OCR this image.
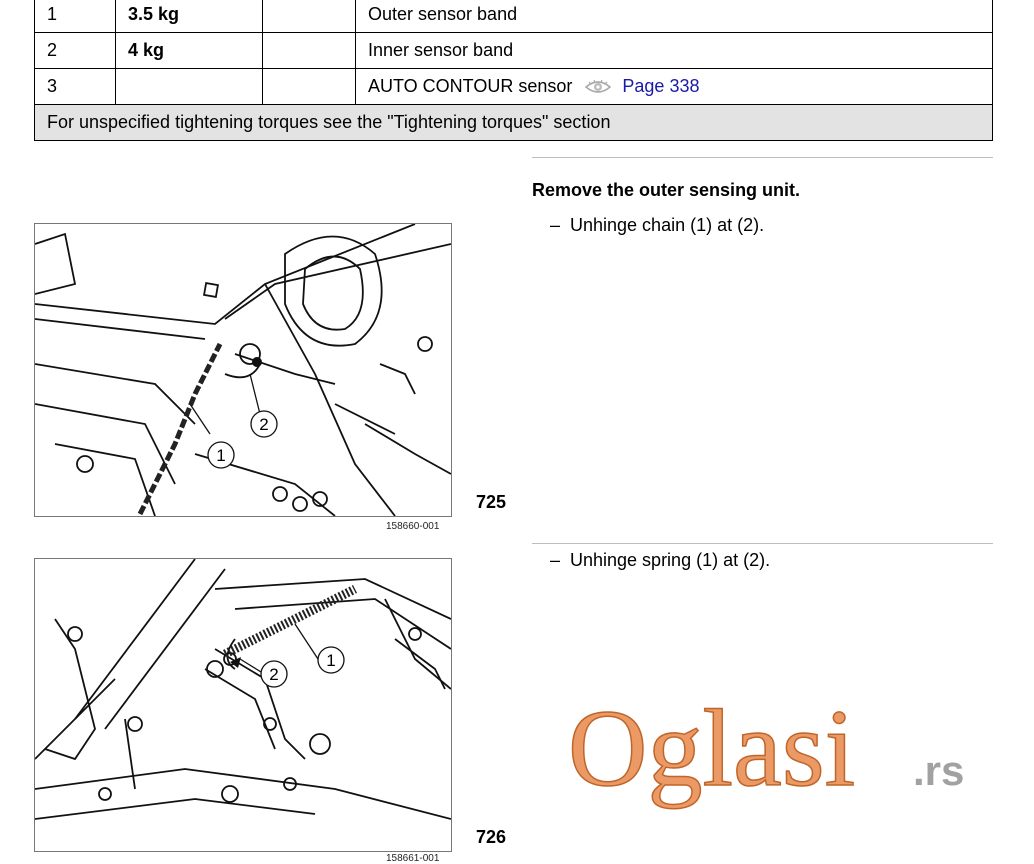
1	3.5 kg		Outer sensor band
2	4 kg		Inner sensor band
3			AUTO CONTOUR sensor Page 338
For unspecified tightening torques see the "Tightening torques" section			
Remove the outer sensing unit.
– Unhinge chain (1) at (2).
– Unhinge spring (1) at (2).
1
2
158660-001
725
1
2
158661-001
726
Oglasi .rs
